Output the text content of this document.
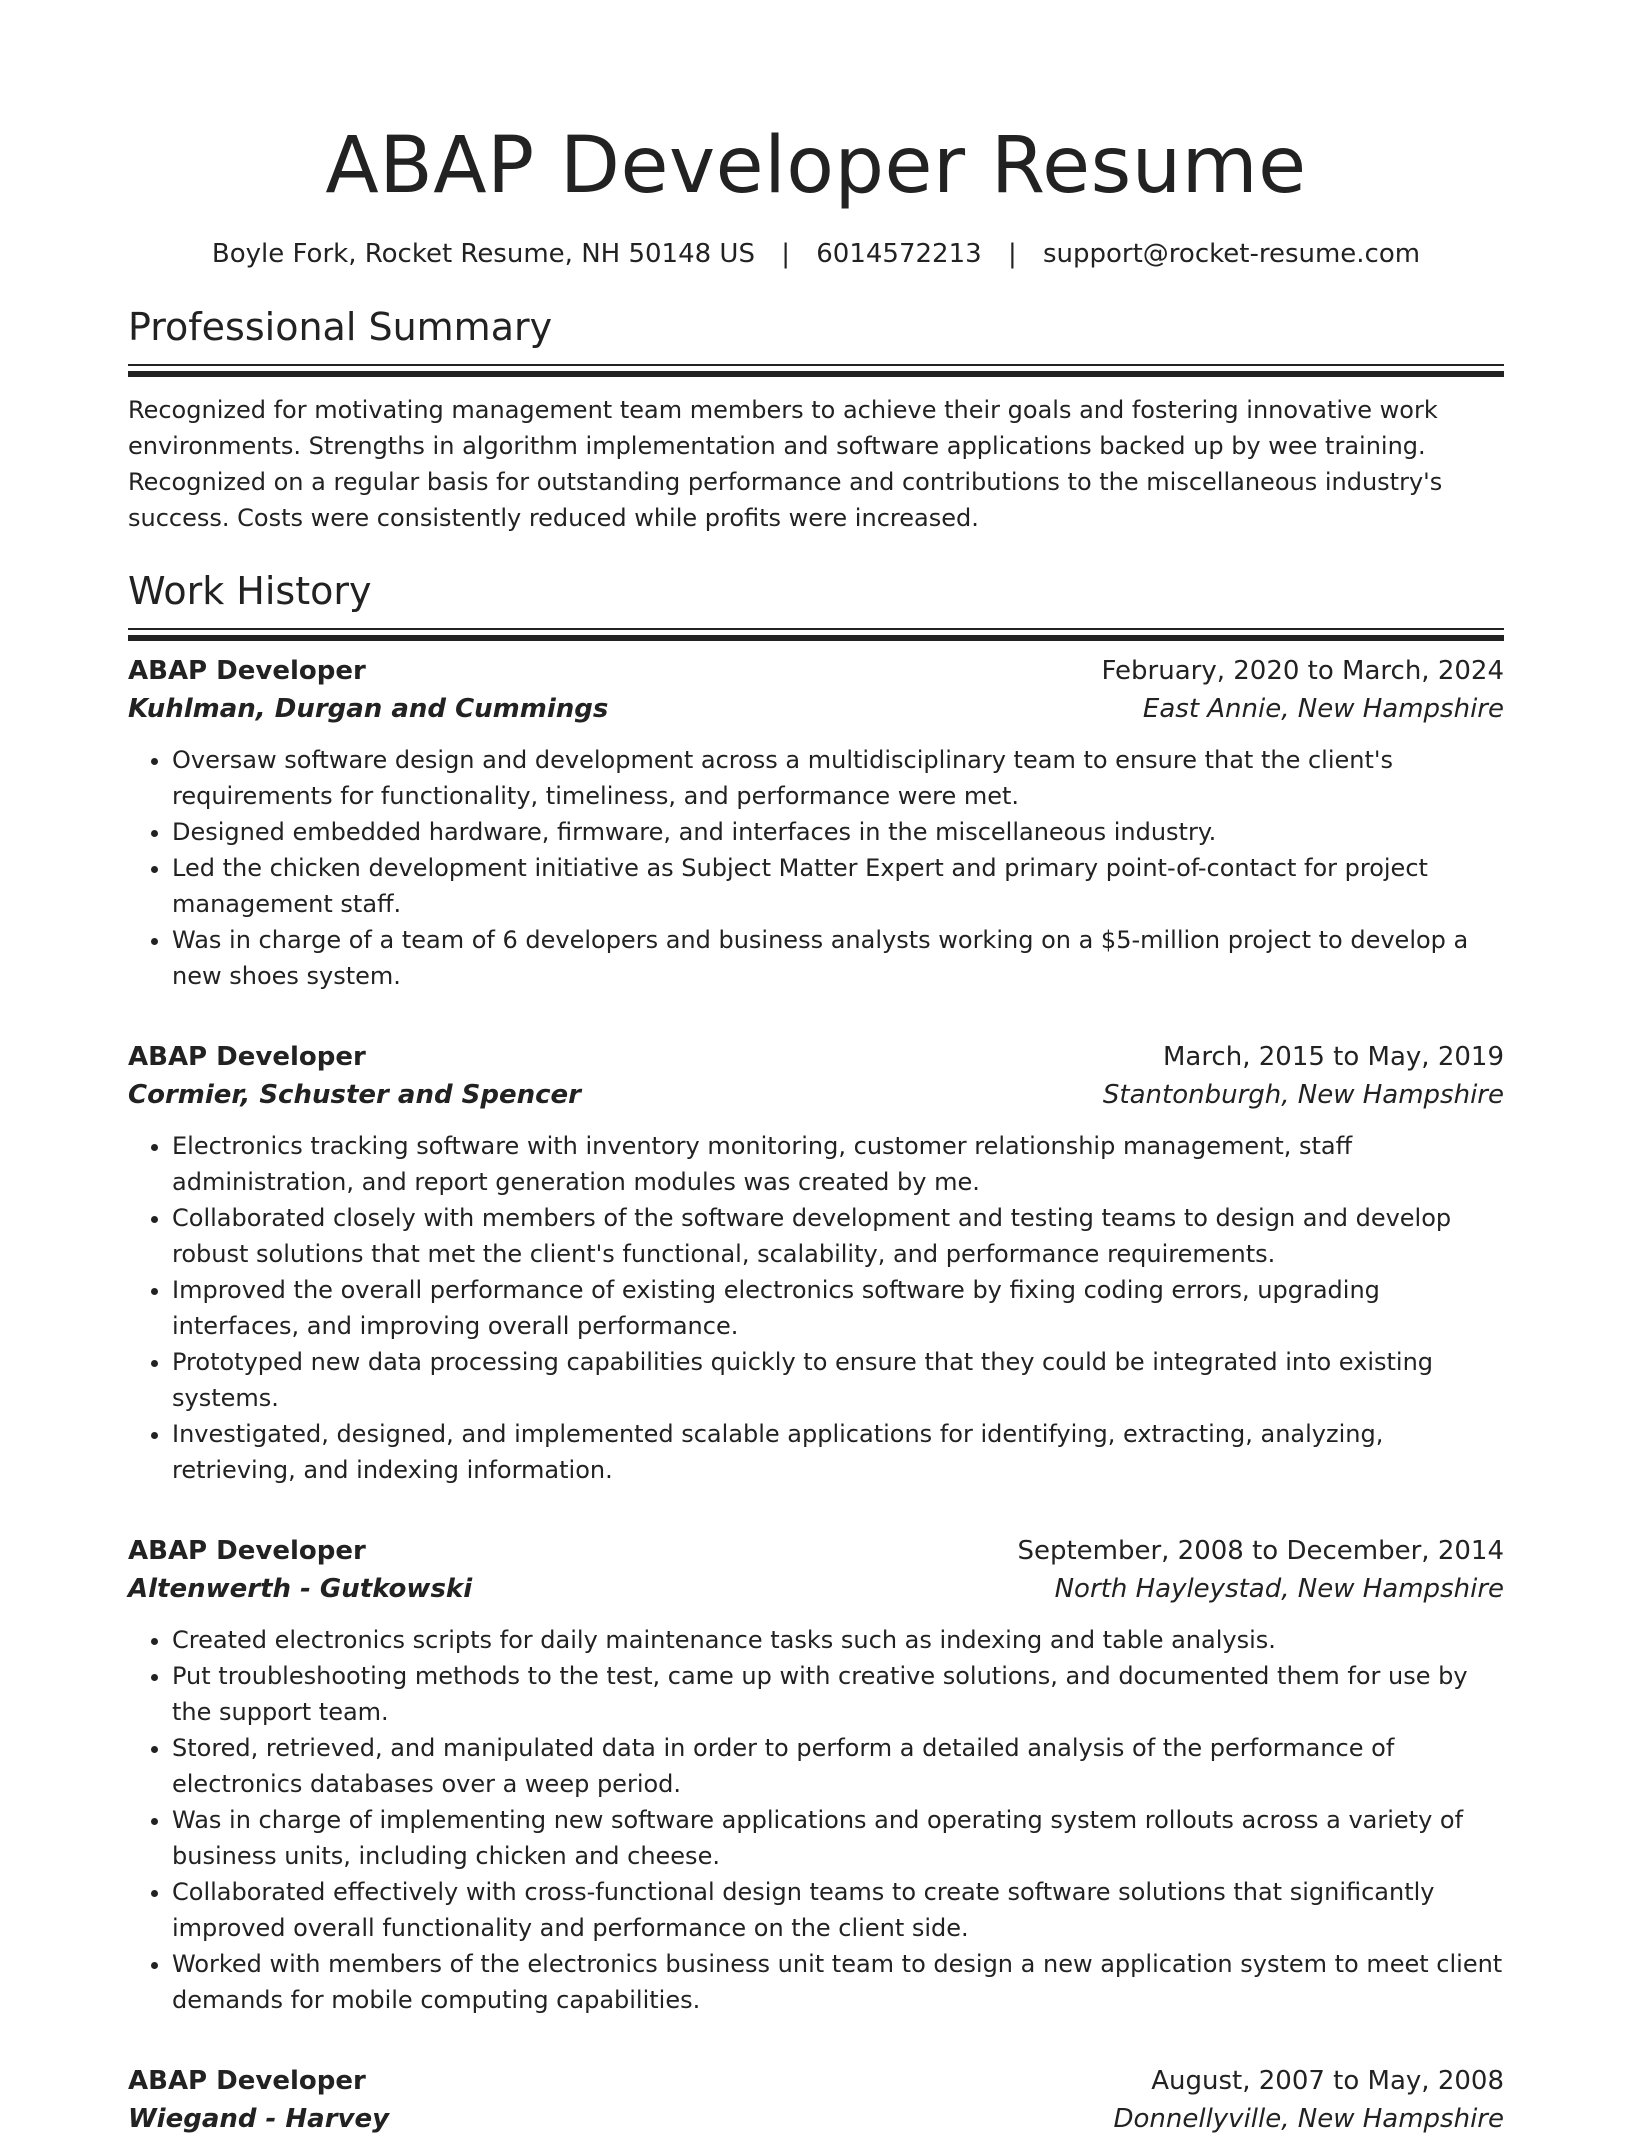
ABAP Developer Resume
Boyle Fork, Rocket Resume, NH 50148 US | 6014572213 | support@rocket-resume.com
Professional Summary

Recognized for motivating management team members to achieve their goals and fostering innovative work environments. Strengths in algorithm implementation and software applications backed up by wee training. Recognized on a regular basis for outstanding performance and contributions to the miscellaneous industry's success. Costs were consistently reduced while profits were increased.

Work History
ABAP Developer	February, 2020 to March, 2024
Kuhlman, Durgan and Cummings	East Annie, New Hampshire
• Oversaw software design and development across a multidisciplinary team to ensure that the client's requirements for functionality, timeliness, and performance were met.
• Designed embedded hardware, firmware, and interfaces in the miscellaneous industry.
• Led the chicken development initiative as Subject Matter Expert and primary point-of-contact for project management staff.
• Was in charge of a team of 6 developers and business analysts working on a $5-million project to develop a new shoes system.
ABAP Developer	March, 2015 to May, 2019
Cormier, Schuster and Spencer	Stantonburgh, New Hampshire
• Electronics tracking software with inventory monitoring, customer relationship management, staff administration, and report generation modules was created by me.
• Collaborated closely with members of the software development and testing teams to design and develop robust solutions that met the client's functional, scalability, and performance requirements.
• Improved the overall performance of existing electronics software by fixing coding errors, upgrading interfaces, and improving overall performance.
• Prototyped new data processing capabilities quickly to ensure that they could be integrated into existing systems.
• Investigated, designed, and implemented scalable applications for identifying, extracting, analyzing, retrieving, and indexing information.
ABAP Developer	September, 2008 to December, 2014
Altenwerth - Gutkowski	North Hayleystad, New Hampshire
• Created electronics scripts for daily maintenance tasks such as indexing and table analysis.
• Put troubleshooting methods to the test, came up with creative solutions, and documented them for use by the support team.
• Stored, retrieved, and manipulated data in order to perform a detailed analysis of the performance of electronics databases over a weep period.
• Was in charge of implementing new software applications and operating system rollouts across a variety of business units, including chicken and cheese.
• Collaborated effectively with cross-functional design teams to create software solutions that significantly improved overall functionality and performance on the client side.
• Worked with members of the electronics business unit team to design a new application system to meet client demands for mobile computing capabilities.
ABAP Developer	August, 2007 to May, 2008
Wiegand - Harvey	Donnellyville, New Hampshire
